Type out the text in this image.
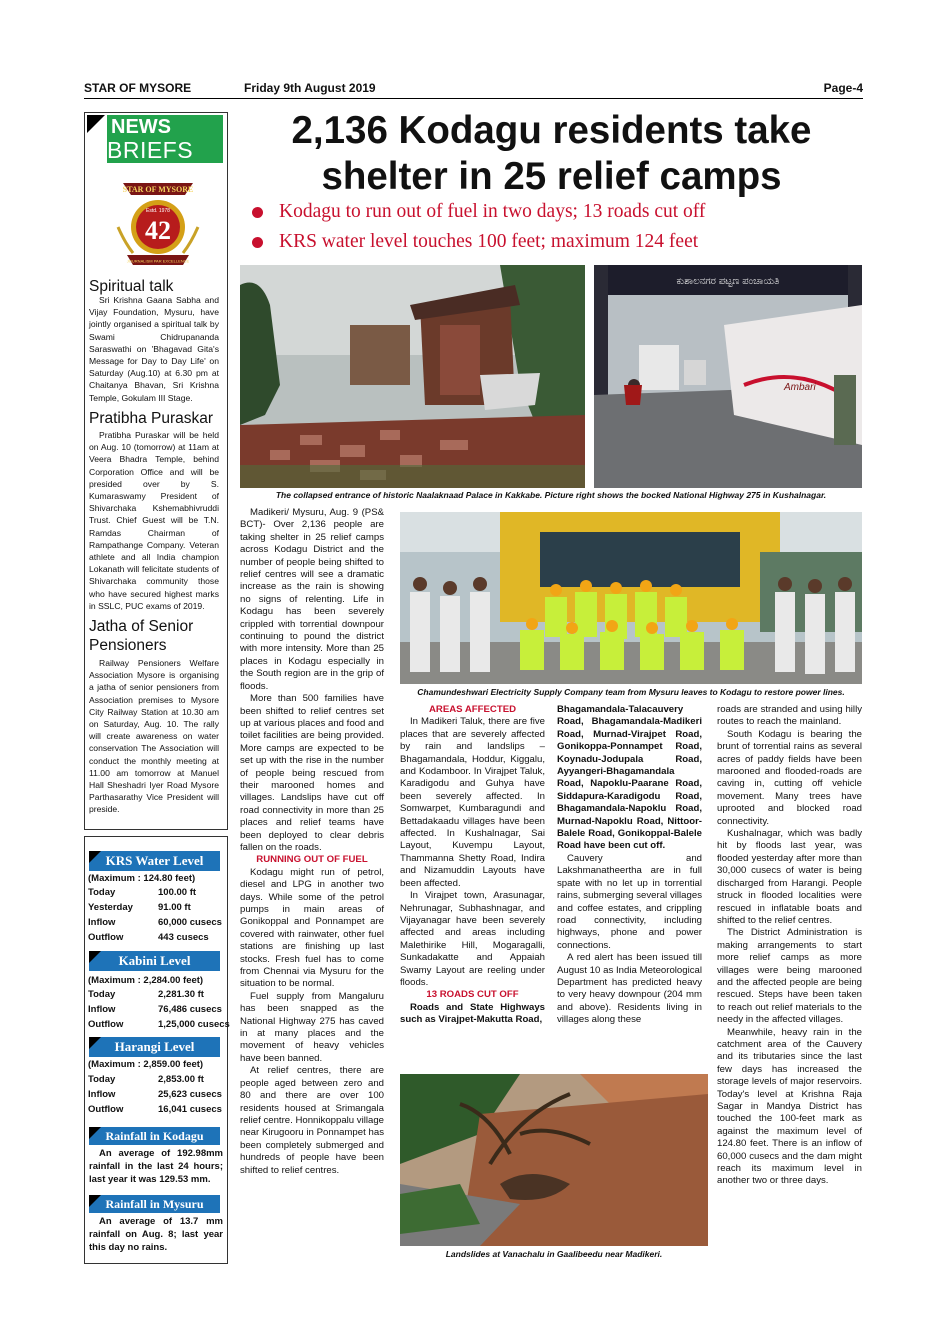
STAR OF MYSORE	Friday 9th August 2019	Page-4
NEWS
BRIEFS
STAR OF MYSORE
Estd. 1978
42
JOURNALISM PAR EXCELLENCE
Spiritual talk
Sri Krishna Gaana Sabha and Vijay Foundation, Mysuru, have jointly organised a spiritual talk by Swami Chidrupananda Saraswathi on 'Bhagavad Gita's Message for Day to Day Life' on Saturday (Aug.10) at 6.30 pm at Chaitanya Bhavan, Sri Krishna Temple, Gokulam III Stage.
Pratibha Puraskar
Pratibha Puraskar will be held on Aug. 10 (tomorrow) at 11am at Veera Bhadra Temple, behind Corporation Office and will be presided over by S. Kumaraswamy President of Shivarchaka Kshemabhivruddi Trust. Chief Guest will be T.N. Ramdas Chairman of Rampathange Company. Veteran athlete and all India champion Lokanath will felicitate students of Shivarchaka community those who have secured highest marks in SSLC, PUC exams of 2019.
Jatha of Senior Pensioners
Railway Pensioners Welfare Association Mysore is organising a jatha of senior pensioners from Association premises to Mysore City Railway Station at 10.30 am on Saturday, Aug. 10. The rally will create awareness on water conservation The Association will conduct the monthly meeting at 11.00 am tomorrow at Manuel Hall Sheshadri Iyer Road Mysore Parthasarathy Vice President will preside.
KRS Water Level
(Maximum : 124.80 feet)
Today	100.00 ft
Yesterday	91.00 ft
Inflow	60,000 cusecs
Outflow	443 cusecs
Kabini Level
(Maximum : 2,284.00 feet)
Today	2,281.30 ft
Inflow	76,486 cusecs
Outflow	1,25,000 cusecs
Harangi Level
(Maximum : 2,859.00 feet)
Today	2,853.00 ft
Inflow	25,623 cusecs
Outflow	16,041 cusecs
Rainfall in Kodagu
An average of 192.98mm rainfall in the last 24 hours; last year it was 129.53 mm.
Rainfall in Mysuru
An average of 13.7 mm rainfall on Aug. 8; last year this day no rains.
2,136 Kodagu residents take shelter in 25 relief camps
Kodagu to run out of fuel in two days; 13 roads cut off
KRS water level touches 100 feet; maximum 124 feet
ಕುಶಾಲನಗರ ಪಟ್ಟಣ ಪಂಚಾಯತಿ
Ambari
The collapsed entrance of historic Naalaknaad Palace in Kakkabe. Picture right shows the bocked National Highway 275 in Kushalnagar.
Chamundeshwari Electricity Supply Company team from Mysuru leaves to Kodagu to restore power lines.
Landslides at Vanachalu in Gaalibeedu near Madikeri.

Madikeri/ Mysuru, Aug. 9 (PS& BCT)- Over 2,136 people are taking shelter in 25 relief camps across Kodagu District and the number of people being shifted to relief centres will see a dramatic increase as the rain is showing no signs of relenting. Life in Kodagu has been severely crippled with torrential downpour continuing to pound the district with more intensity. More than 25 places in Kodagu especially in the South region are in the grip of floods.

More than 500 families have been shifted to relief centres set up at various places and food and toilet facilities are being provided. More camps are expected to be set up with the rise in the number of people being rescued from their marooned homes and villages. Landslips have cut off road connectivity in more than 25 places and relief teams have been deployed to clear debris fallen on the roads.

RUNNING OUT OF FUEL

Kodagu might run of petrol, diesel and LPG in another two days. While some of the petrol pumps in main areas of Gonikoppal and Ponnampet are covered with rainwater, other fuel stations are finishing up last stocks. Fresh fuel has to come from Chennai via Mysuru for the situation to be normal.

Fuel supply from Mangaluru has been snapped as the National Highway 275 has caved in at many places and the movement of heavy vehicles have been banned.

At relief centres, there are people aged between zero and 80 and there are over 100 residents housed at Srimangala relief centre. Honnikoppalu village near Kirugooru in Ponnampet has been completely submerged and hundreds of people have been shifted to relief centres.

AREAS AFFECTED

In Madikeri Taluk, there are five places that are severely affected by rain and landslips – Bhagamandala, Hoddur, Kiggalu, and Kodamboor. In Virajpet Taluk, Karadigodu and Guhya have been severely affected. In Somwarpet, Kumbaragundi and Bettadakaadu villages have been affected. In Kushalnagar, Sai Layout, Kuvempu Layout, Thammanna Shetty Road, Indira and Nizamuddin Layouts have been affected.

In Virajpet town, Arasunagar, Nehrunagar, Subhashnagar, and Vijayanagar have been severely affected and areas including Malethirike Hill, Mogaragalli, Sunkadakatte and Appaiah Swamy Layout are reeling under floods.

13 ROADS CUT OFF

Roads and State Highways such as Virajpet-Makutta Road,

Bhagamandala-Talacauvery Road, Bhagamandala-Madikeri Road, Murnad-Virajpet Road, Gonikoppa-Ponnampet Road, Koynadu-Jodupala Road, Ayyangeri-Bhagamandala Road, Napoklu-Paarane Road, Siddapura-Karadigodu Road, Bhagamandala-Napoklu Road, Murnad-Napoklu Road, Nittoor-Balele Road, Gonikoppal-Balele Road have been cut off.

Cauvery and Lakshmanatheertha are in full spate with no let up in torrential rains, submerging several villages and coffee estates, and crippling road connectivity, including highways, phone and power connections.

A red alert has been issued till August 10 as India Meteorological Department has predicted heavy to very heavy downpour (204 mm and above). Residents living in villages along these

roads are stranded and using hilly routes to reach the mainland.

South Kodagu is bearing the brunt of torrential rains as several acres of paddy fields have been marooned and flooded-roads are caving in, cutting off vehicle movement. Many trees have uprooted and blocked road connectivity.

Kushalnagar, which was badly hit by floods last year, was flooded yesterday after more than 30,000 cusecs of water is being discharged from Harangi. People struck in flooded localities were rescued in inflatable boats and shifted to the relief centres.

The District Administration is making arrangements to start more relief camps as more villages were being marooned and the affected people are being rescued. Steps have been taken to reach out relief materials to the needy in the affected villages.

Meanwhile, heavy rain in the catchment area of the Cauvery and its tributaries since the last few days has increased the storage levels of major reservoirs. Today's level at Krishna Raja Sagar in Mandya District has touched the 100-feet mark as against the maximum level of 124.80 feet. There is an inflow of 60,000 cusecs and the dam might reach its maximum level in another two or three days.
